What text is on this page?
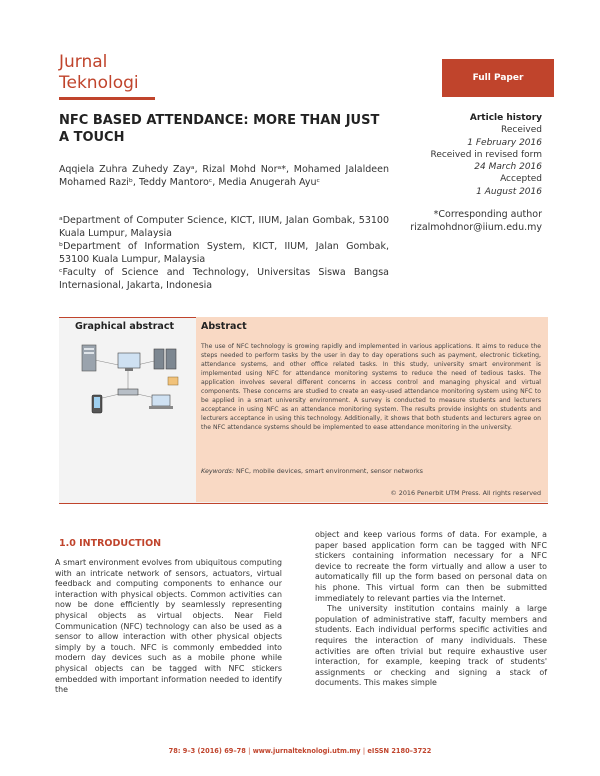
Jurnal
Teknologi	Full Paper
NFC BASED ATTENDANCE: MORE THAN JUST A TOUCH
Aqqiela Zuhra Zuhedy Zayᵃ, Rizal Mohd Norᵃ*, Mohamed Jalaldeen Mohamed Raziᵇ, Teddy Mantoroᶜ, Media Anugerah Ayuᶜ

ᵃDepartment of Computer Science, KICT, IIUM, Jalan Gombak, 53100 Kuala Lumpur, Malaysia

ᵇDepartment of Information System, KICT, IIUM, Jalan Gombak, 53100 Kuala Lumpur, Malaysia

ᶜFaculty of Science and Technology, Universitas Siswa Bangsa Internasional, Jakarta, Indonesia

Article history
Received
1 February 2016
Received in revised form
24 March 2016
Accepted
1 August 2016
*Corresponding author
rizalmohdnor@iium.edu.my
Graphical abstract	Abstract
The use of NFC technology is growing rapidly and implemented in various applications. It aims to reduce the steps needed to perform tasks by the user in day to day operations such as payment, electronic ticketing, attendance systems, and other office related tasks. In this study, university smart environment is implemented using NFC for attendance monitoring systems to reduce the need of tedious tasks. The application involves several different concerns in access control and managing physical and virtual components. These concerns are studied to create an easy-used attendance monitoring system using NFC to be applied in a smart university environment. A survey is conducted to measure students and lecturers acceptance in using NFC as an attendance monitoring system. The results provide insights on students and lecturers acceptance in using this technology. Additionally, it shows that both students and lecturers agree on the NFC attendance systems should be implemented to ease attendance monitoring in the university.
Keywords: NFC, mobile devices, smart environment, sensor networks
© 2016 Penerbit UTM Press. All rights reserved
1.0 INTRODUCTION

A smart environment evolves from ubiquitous computing with an intricate network of sensors, actuators, virtual feedback and computing components to enhance our interaction with physical objects. Common activities can now be done efficiently by seamlessly representing physical objects as virtual objects. Near Field Communication (NFC) technology can also be used as a sensor to allow interaction with other physical objects simply by a touch. NFC is commonly embedded into modern day devices such as a mobile phone while physical objects can be tagged with NFC stickers embedded with important information needed to identify the

object and keep various forms of data. For example, a paper based application form can be tagged with NFC stickers containing information necessary for a NFC device to recreate the form virtually and allow a user to automatically fill up the form based on personal data on his phone. This virtual form can then be submitted immediately to relevant parties via the Internet.

The university institution contains mainly a large population of administrative staff, faculty members and students. Each individual performs specific activities and requires the interaction of many individuals. These activities are often trivial but require exhaustive user interaction, for example, keeping track of students' assignments or checking and signing a stack of documents. This makes simple

78: 9–3 (2016) 69–78 | www.jurnalteknologi.utm.my | eISSN 2180–3722
